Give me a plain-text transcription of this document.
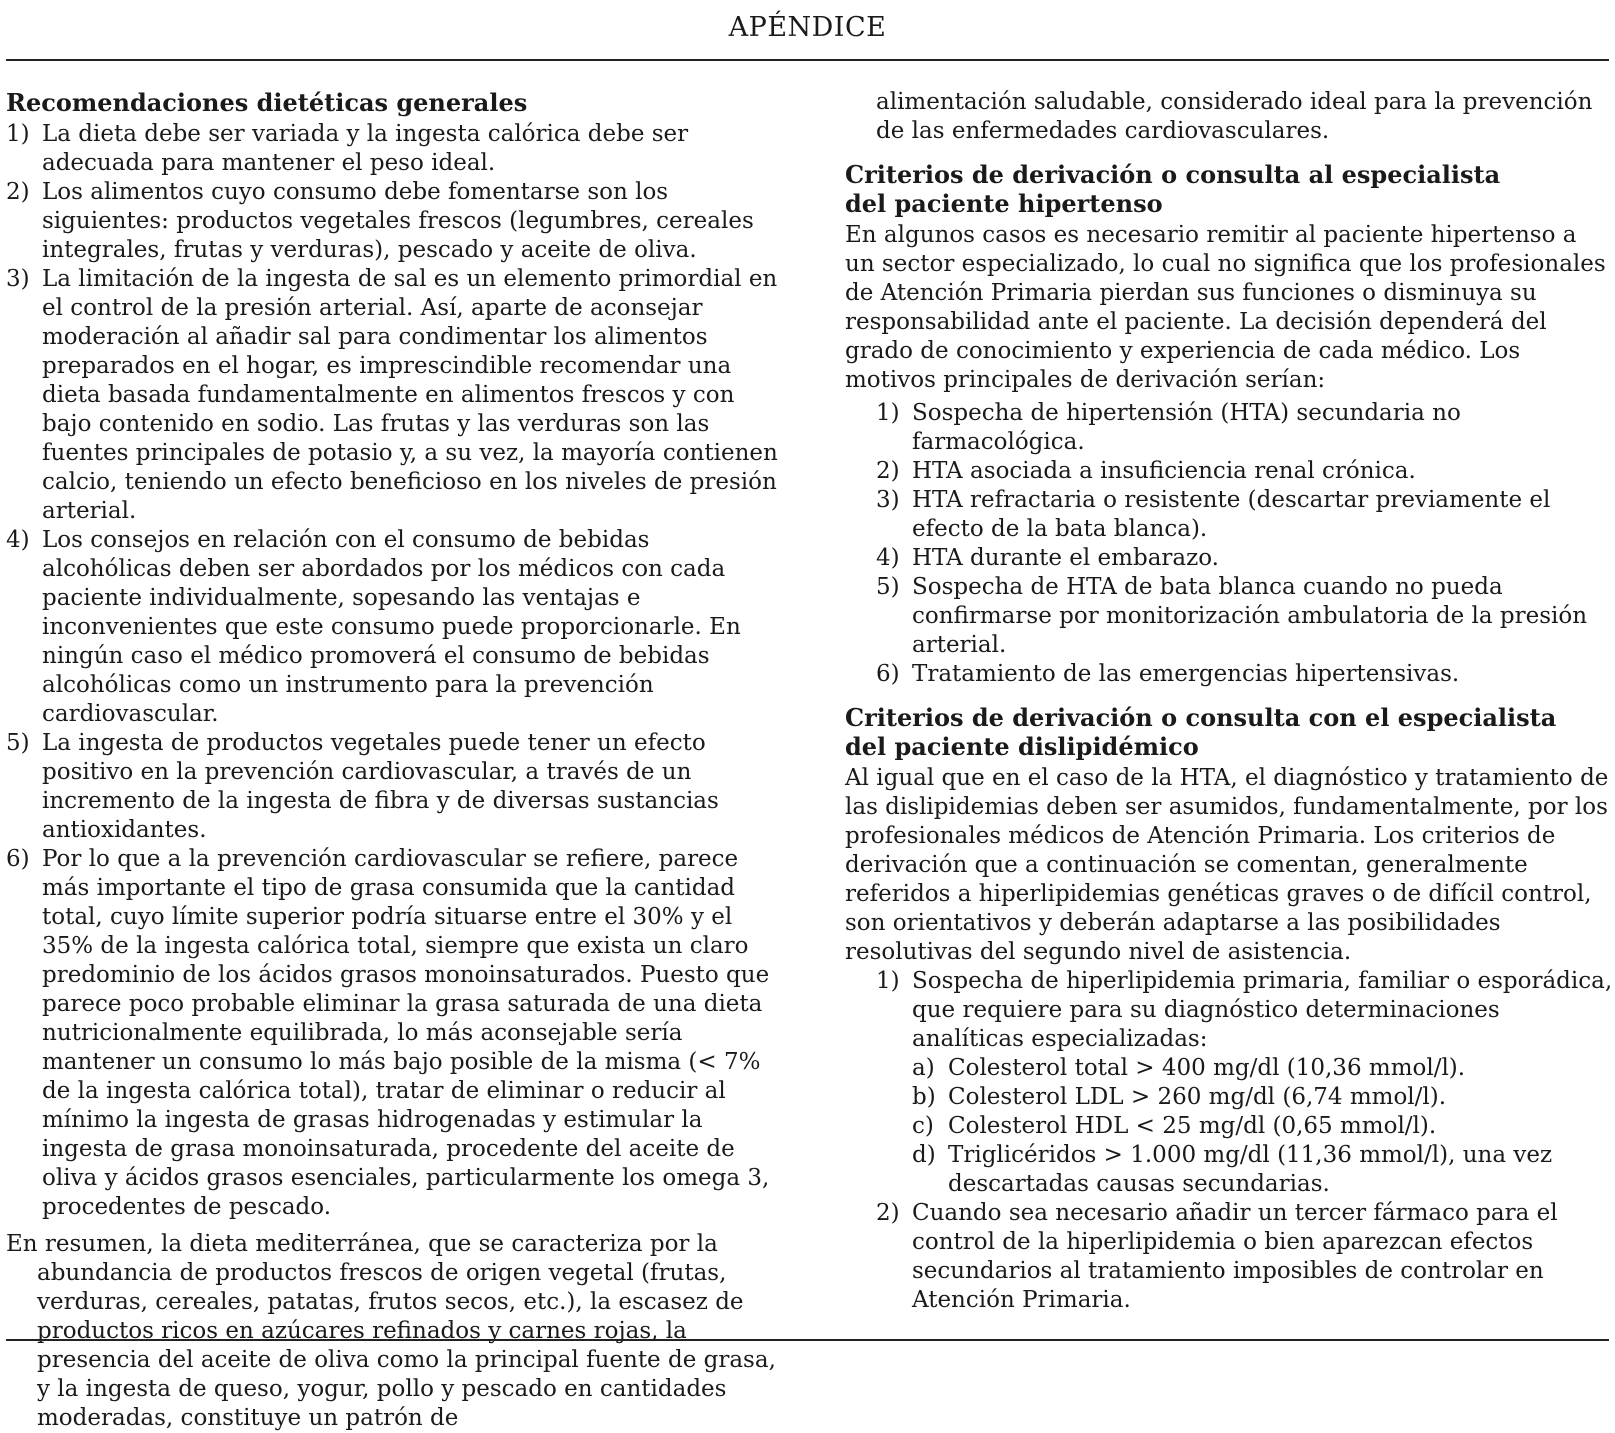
APÉNDICE
Recomendaciones dietéticas generales
1) La dieta debe ser variada y la ingesta calórica debe ser adecuada para mantener el peso ideal.
2) Los alimentos cuyo consumo debe fomentarse son los siguientes: productos vegetales frescos (legumbres, cereales integrales, frutas y verduras), pescado y aceite de oliva.
3) La limitación de la ingesta de sal es un elemento primordial en el control de la presión arterial. Así, aparte de aconsejar moderación al añadir sal para condimentar los alimentos preparados en el hogar, es imprescindible recomendar una dieta basada fundamentalmente en alimentos frescos y con bajo contenido en sodio. Las frutas y las verduras son las fuentes principales de potasio y, a su vez, la mayoría contienen calcio, teniendo un efecto beneficioso en los niveles de presión arterial.
4) Los consejos en relación con el consumo de bebidas alcohólicas deben ser abordados por los médicos con cada paciente individualmente, sopesando las ventajas e inconvenientes que este consumo puede proporcionarle. En ningún caso el médico promoverá el consumo de bebidas alcohólicas como un instrumento para la prevención cardiovascular.
5) La ingesta de productos vegetales puede tener un efecto positivo en la prevención cardiovascular, a través de un incremento de la ingesta de fibra y de diversas sustancias antioxidantes.
6) Por lo que a la prevención cardiovascular se refiere, parece más importante el tipo de grasa consumida que la cantidad total, cuyo límite superior podría situarse entre el 30% y el 35% de la ingesta calórica total, siempre que exista un claro predominio de los ácidos grasos monoinsaturados. Puesto que parece poco probable eliminar la grasa saturada de una dieta nutricionalmente equilibrada, lo más aconsejable sería mantener un consumo lo más bajo posible de la misma (< 7% de la ingesta calórica total), tratar de eliminar o reducir al mínimo la ingesta de grasas hidrogenadas y estimular la ingesta de grasa monoinsaturada, procedente del aceite de oliva y ácidos grasos esenciales, particularmente los omega 3, procedentes de pescado.

En resumen, la dieta mediterránea, que se caracteriza por la abundancia de productos frescos de origen vegetal (frutas, verduras, cereales, patatas, frutos secos, etc.), la escasez de productos ricos en azúcares refinados y carnes rojas, la presencia del aceite de oliva como la principal fuente de grasa, y la ingesta de queso, yogur, pollo y pescado en cantidades moderadas, constituye un patrón de

alimentación saludable, considerado ideal para la prevención de las enfermedades cardiovasculares.

Criterios de derivación o consulta al especialista
del paciente hipertenso

En algunos casos es necesario remitir al paciente hipertenso a un sector especializado, lo cual no significa que los profesionales de Atención Primaria pierdan sus funciones o disminuya su responsabilidad ante el paciente. La decisión dependerá del grado de conocimiento y experiencia de cada médico. Los motivos principales de derivación serían:

1) Sospecha de hipertensión (HTA) secundaria no farmacológica.
2) HTA asociada a insuficiencia renal crónica.
3) HTA refractaria o resistente (descartar previamente el efecto de la bata blanca).
4) HTA durante el embarazo.
5) Sospecha de HTA de bata blanca cuando no pueda confirmarse por monitorización ambulatoria de la presión arterial.
6) Tratamiento de las emergencias hipertensivas.
Criterios de derivación o consulta con el especialista
del paciente dislipidémico

Al igual que en el caso de la HTA, el diagnóstico y tratamiento de las dislipidemias deben ser asumidos, fundamentalmente, por los profesionales médicos de Atención Primaria. Los criterios de derivación que a continuación se comentan, generalmente referidos a hiperlipidemias genéticas graves o de difícil control, son orientativos y deberán adaptarse a las posibilidades resolutivas del segundo nivel de asistencia.

1) Sospecha de hiperlipidemia primaria, familiar o esporádica, que requiere para su diagnóstico determinaciones analíticas especializadas:
a) Colesterol total > 400 mg/dl (10,36 mmol/l).
b) Colesterol LDL > 260 mg/dl (6,74 mmol/l).
c) Colesterol HDL < 25 mg/dl (0,65 mmol/l).
d) Triglicéridos > 1.000 mg/dl (11,36 mmol/l), una vez descartadas causas secundarias.
2) Cuando sea necesario añadir un tercer fármaco para el control de la hiperlipidemia o bien aparezcan efectos secundarios al tratamiento imposibles de controlar en Atención Primaria.
